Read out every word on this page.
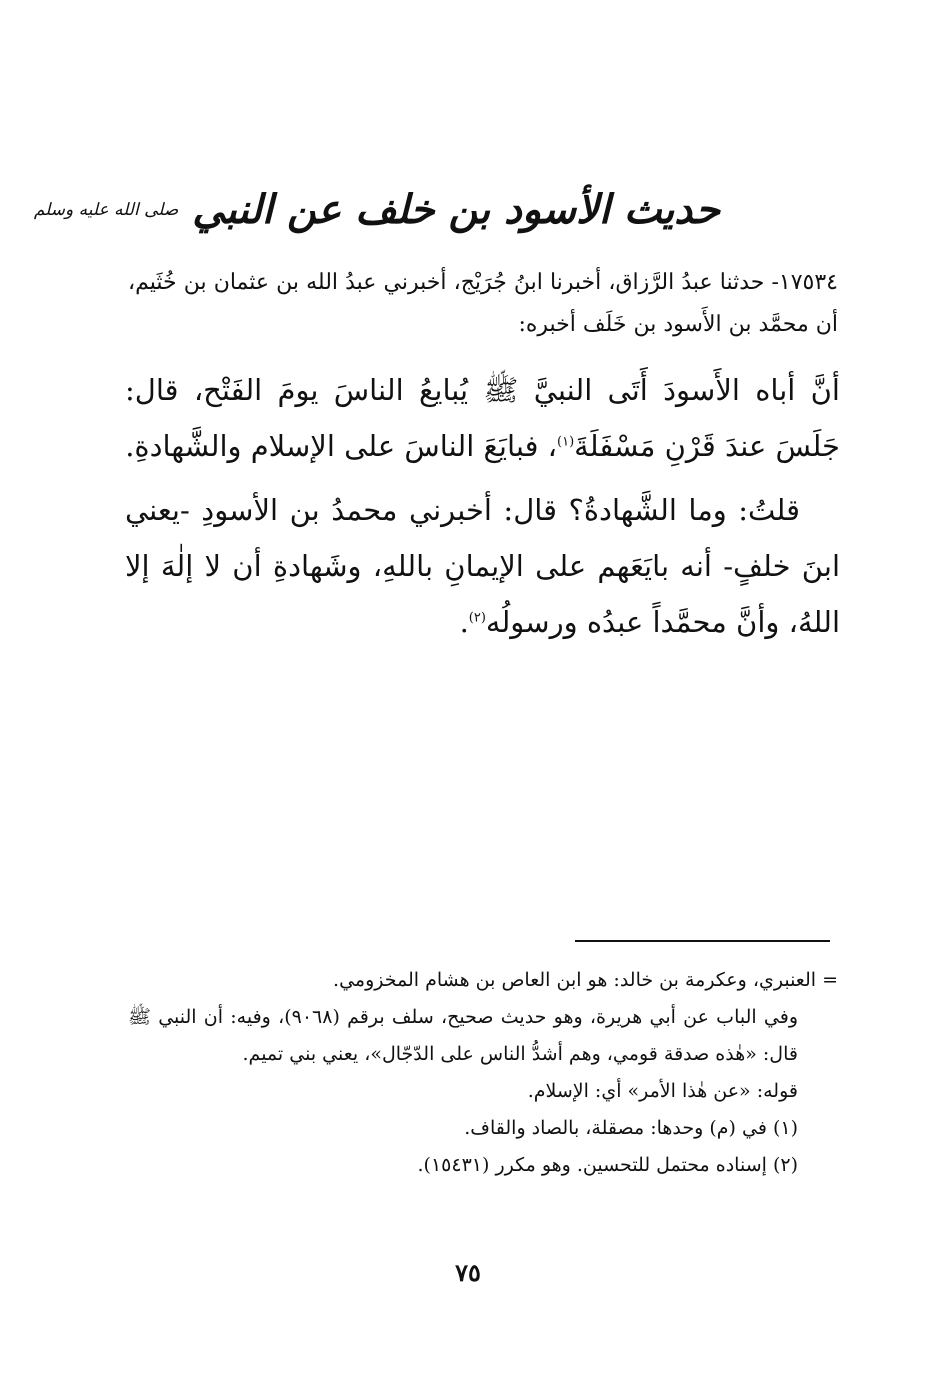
حديث الأسود بن خلف عن النبي $^{صلى الله عليه وسلم}$
١٧٥٣٤- حدثنا عبدُ الرَّزاق، أخبرنا ابنُ جُرَيْج، أخبرني عبدُ الله بن عثمان بن خُثَيم، أن محمَّد بن الأَسود بن خَلَف أخبره:
أنَّ أباه الأَسودَ أَتَى النبيَّ ﷺ يُبايعُ الناسَ يومَ الفَتْح، قال: جَلَسَ عندَ قَرْنِ مَسْفَلَةَ$^{(١)}$، فبايَعَ الناسَ على الإسلام والشَّهادةِ.
قلتُ: وما الشَّهادةُ؟ قال: أخبرني محمدُ بن الأسودِ -يعني ابنَ خلفٍ- أنه بايَعَهم على الإيمانِ باللهِ، وشَهادةِ أن لا إلٰهَ إلا اللهُ، وأنَّ محمَّداً عبدُه ورسولُه$^{(٢)}$.
= العنبري، وعكرمة بن خالد: هو ابن العاص بن هشام المخزومي.
وفي الباب عن أبي هريرة، وهو حديث صحيح، سلف برقم (٩٠٦٨)، وفيه: أن النبي ﷺ قال: «هٰذه صدقة قومي، وهم أشدُّ الناس على الدّجّال»، يعني بني تميم.
قوله: «عن هٰذا الأمر» أي: الإسلام.
(١) في (م) وحدها: مصقلة، بالصاد والقاف.
(٢) إسناده محتمل للتحسين. وهو مكرر (١٥٤٣١).
٧٥
